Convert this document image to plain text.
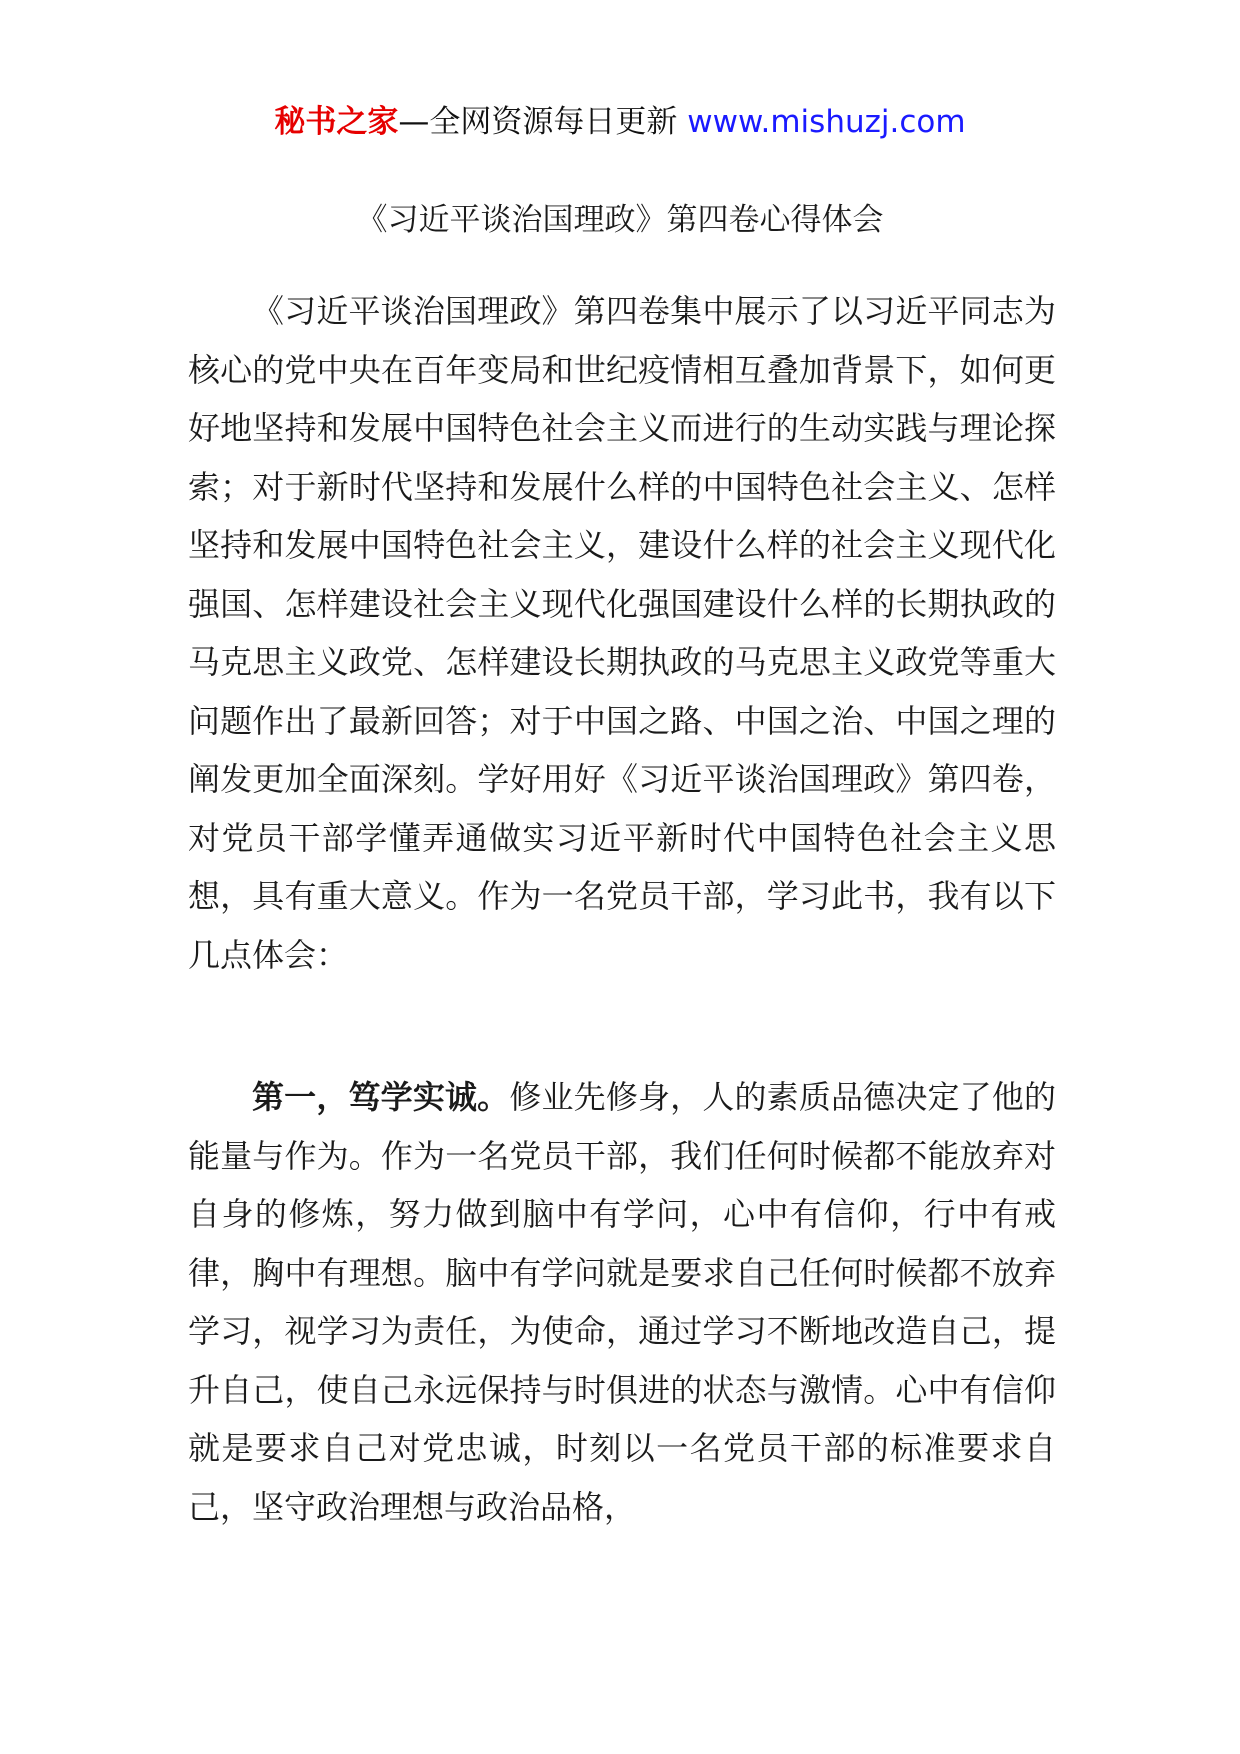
秘书之家—全网资源每日更新 www.mishuzj.com
《习近平谈治国理政》第四卷心得体会

《习近平谈治国理政》第四卷集中展示了以习近平同志为核心的党中央在百年变局和世纪疫情相互叠加背景下，如何更好地坚持和发展中国特色社会主义而进行的生动实践与理论探索；对于新时代坚持和发展什么样的中国特色社会主义、怎样坚持和发展中国特色社会主义，建设什么样的社会主义现代化强国、怎样建设社会主义现代化强国建设什么样的长期执政的马克思主义政党、怎样建设长期执政的马克思主义政党等重大问题作出了最新回答；对于中国之路、中国之治、中国之理的阐发更加全面深刻。学好用好《习近平谈治国理政》第四卷，对党员干部学懂弄通做实习近平新时代中国特色社会主义思想，具有重大意义。作为一名党员干部，学习此书，我有以下几点体会：

第一，笃学实诚。修业先修身，人的素质品德决定了他的能量与作为。作为一名党员干部，我们任何时候都不能放弃对自身的修炼，努力做到脑中有学问，心中有信仰，行中有戒律，胸中有理想。脑中有学问就是要求自己任何时候都不放弃学习，视学习为责任，为使命，通过学习不断地改造自己，提升自己，使自己永远保持与时俱进的状态与激情。心中有信仰就是要求自己对党忠诚，时刻以一名党员干部的标准要求自己，坚守政治理想与政治品格，
